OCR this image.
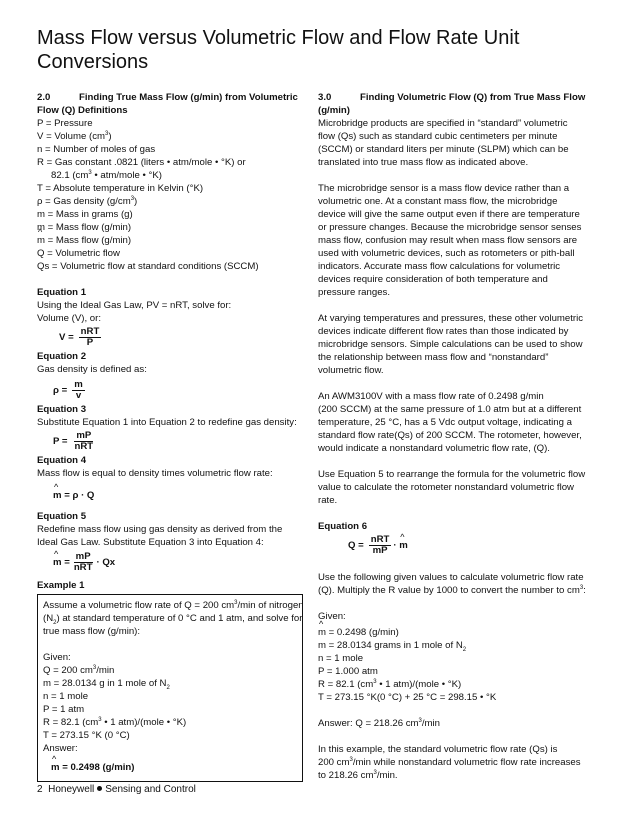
Mass Flow versus Volumetric Flow and Flow Rate Unit
Conversions
2.0	Finding True Mass Flow (g/min) from Volumetric
Flow (Q) Definitions
P = Pressure
V = Volume $(cm^3)$
n = Number of moles of gas
R = Gas constant .0821 (liters • atm/mole • °K) or
82.1 ($cm^3$ • atm/mole • °K)
T = Absolute temperature in Kelvin (°K)
ρ = Gas density $(g/cm^3)$
m = Mass in grams (g)
m = Mass flow (g/min)
^ m = Mass flow (g/min)
Q = Volumetric flow
Qs = Volumetric flow at standard conditions (SCCM)
Equation 1
Using the Ideal Gas Law, PV = nRT, solve for:
Volume (V), or:
$V = \frac{\text{nRT}}{P}$
Equation 2
Gas density is defined as:
$\rho = \frac{m}{v}$
Equation 3
Substitute Equation 1 into Equation 2 to redefine gas density:
$P = \frac{mP}{\text{nRT}}$
Equation 4
Mass flow is equal to density times volumetric flow rate:
^ m
= ρ · Q
Equation 5
Redefine mass flow using gas density as derived from the
Ideal Gas Law. Substitute Equation 3 into Equation 4:
^ m
= $\frac{mP}{\text{nRT}} \cdot Qx$
Example 1
Assume a volumetric flow rate of Q = 200 $cm^3/\min$ of nitrogen
$(N_2)$ at standard temperature of 0 °C and 1 atm, and solve for
true mass flow (g/min):
Given:
Q = 200 $cm^3/\min$
m = 28.0134 g in 1 mole of $N_2$
n = 1 mole
P = 1 atm
R = 82.1 ($cm^3$ • 1 atm)/(mole • °K)
T = 273.15 °K (0 °C)
Answer:
^ m
= 0.2498 (g/min)
3.0	Finding Volumetric Flow (Q) from True Mass Flow
(g/min)
Microbridge products are specified in “standard” volumetric
flow (Qs) such as standard cubic centimeters per minute
(SCCM) or standard liters per minute (SLPM) which can be
translated into true mass flow as indicated above.
The microbridge sensor is a mass flow device rather than a
volumetric one. At a constant mass flow, the microbridge
device will give the same output even if there are temperature
or pressure changes. Because the microbridge sensor senses
mass flow, confusion may result when mass flow sensors are
used with volumetric devices, such as rotometers or pith-ball
indicators. Accurate mass flow calculations for volumetric
devices require consideration of both temperature and
pressure ranges.
At varying temperatures and pressures, these other volumetric
devices indicate different flow rates than those indicated by
microbridge sensors. Simple calculations can be used to show
the relationship between mass flow and “nonstandard”
volumetric flow.
An AWM3100V with a mass flow rate of 0.2498 g/min
(200 SCCM) at the same pressure of 1.0 atm but at a different
temperature, 25 °C, has a 5 Vdc output voltage, indicating a
standard flow rate(Qs) of 200 SCCM. The rotometer, however,
would indicate a nonstandard volumetric flow rate, (Q).
Use Equation 5 to rearrange the formula for the volumetric flow
value to calculate the rotometer nonstandard volumetric flow
rate.
Equation 6
$Q = \frac{\text{nRT}}{mP}$ ·

^ m
Use the following given values to calculate volumetric flow rate
(Q). Multiply the R value by 1000 to convert the number to $cm^3$:
Given:
^ m = 0.2498 (g/min)
m = 28.0134 grams in 1 mole of $N_2$
n = 1 mole
P = 1.000 atm
R = 82.1 ($cm^3$ • 1 atm)/(mole • °K)
T = 273.15 °K(0 °C) + 25 °C = 298.15 • °K
Answer: Q = 218.26 $cm^3/\min$
In this example, the standard volumetric flow rate (Qs) is
200 $cm^3/\min$ while nonstandard volumetric flow rate increases
to 218.26 $cm^3/\min$.
2 Honeywell Sensing and Control
